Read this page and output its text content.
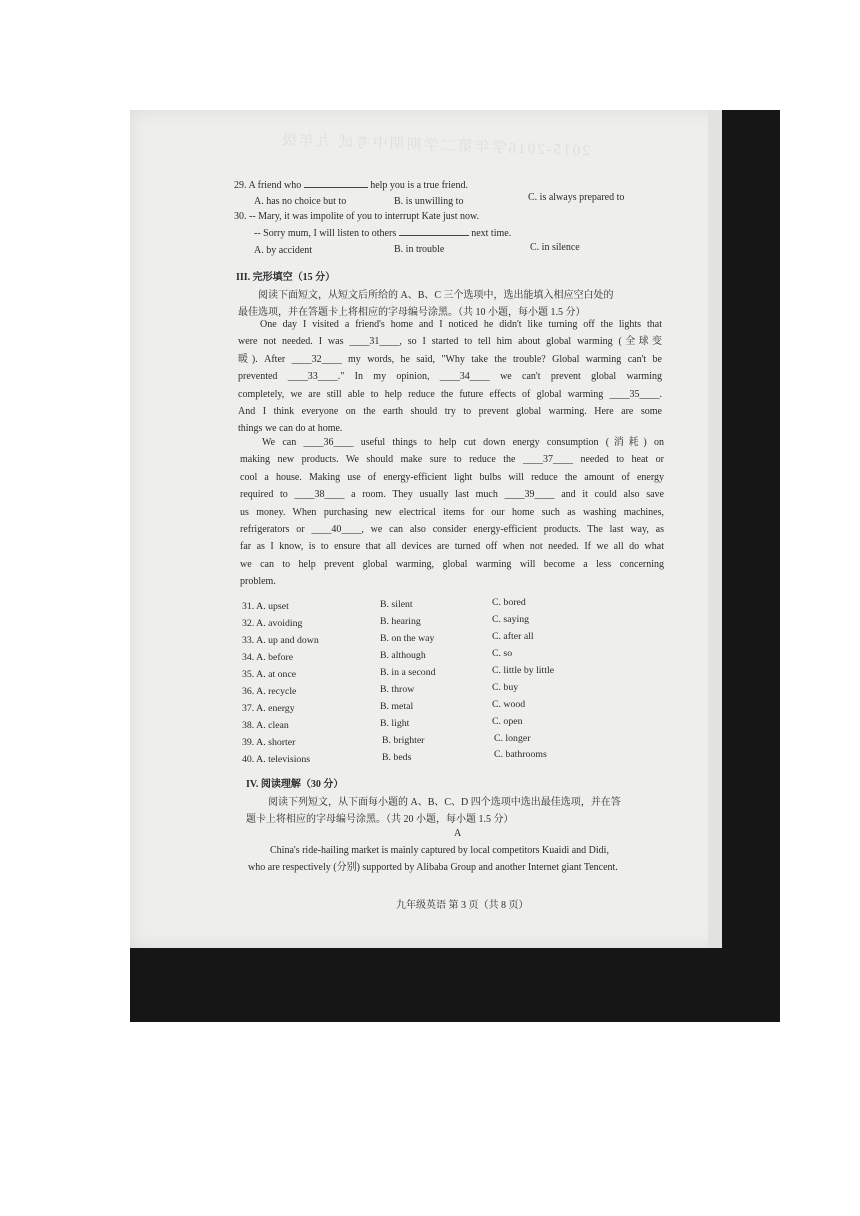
2015-2016学年第二学期期中考试 九年级
29. A friend who	help you is a true friend.
A. has no choice but to	B. is unwilling to	C. is always prepared to
30. -- Mary, it was impolite of you to interrupt Kate just now.
-- Sorry mum, I will listen to others	next time.
A. by accident	B. in trouble	C. in silence
III. 完形填空（15 分）
阅读下面短文，从短文后所给的 A、B、C 三个选项中，选出能填入相应空白处的
最佳选项，并在答题卡上将相应的字母编号涂黑。（共 10 小题，每小题 1.5 分）
One day I visited a friend's home and I noticed he didn't like turning off the lights that
were not needed. I was ____31____, so I started to tell him about global warming (全球变
暖). After ____32____ my words, he said, "Why take the trouble? Global warming can't be
prevented ____33____." In my opinion, ____34____ we can't prevent global warming
completely, we are still able to help reduce the future effects of global warming ____35____.
And I think everyone on the earth should try to prevent global warming. Here are some
things we can do at home.
We can ____36____ useful things to help cut down energy consumption (消耗) on
making new products. We should make sure to reduce the ____37____ needed to heat or
cool a house. Making use of energy-efficient light bulbs will reduce the amount of energy
required to ____38____ a room. They usually last much ____39____ and it could also save
us money. When purchasing new electrical items for our home such as washing machines,
refrigerators or ____40____, we can also consider energy-efficient products. The last way, as
far as I know, is to ensure that all devices are turned off when not needed. If we all do what
we can to help prevent global warming, global warming will become a less concerning
problem.
31. A. upset	B. silent	C. bored
32. A. avoiding	B. hearing	C. saying
33. A. up and down	B. on the way	C. after all
34. A. before	B. although	C. so
35. A. at once	B. in a second	C. little by little
36. A. recycle	B. throw	C. buy
37. A. energy	B. metal	C. wood
38. A. clean	B. light	C. open
39. A. shorter	B. brighter	C. longer
40. A. televisions	B. beds	C. bathrooms
IV. 阅读理解（30 分）
阅读下列短文，从下面每小题的 A、B、C、D 四个选项中选出最佳选项，并在答
题卡上将相应的字母编号涂黑。（共 20 小题，每小题 1.5 分）
A
China's ride-hailing market is mainly captured by local competitors Kuaidi and Didi,
who are respectively (分别) supported by Alibaba Group and another Internet giant Tencent.
九年级英语 第 3 页（共 8 页）
